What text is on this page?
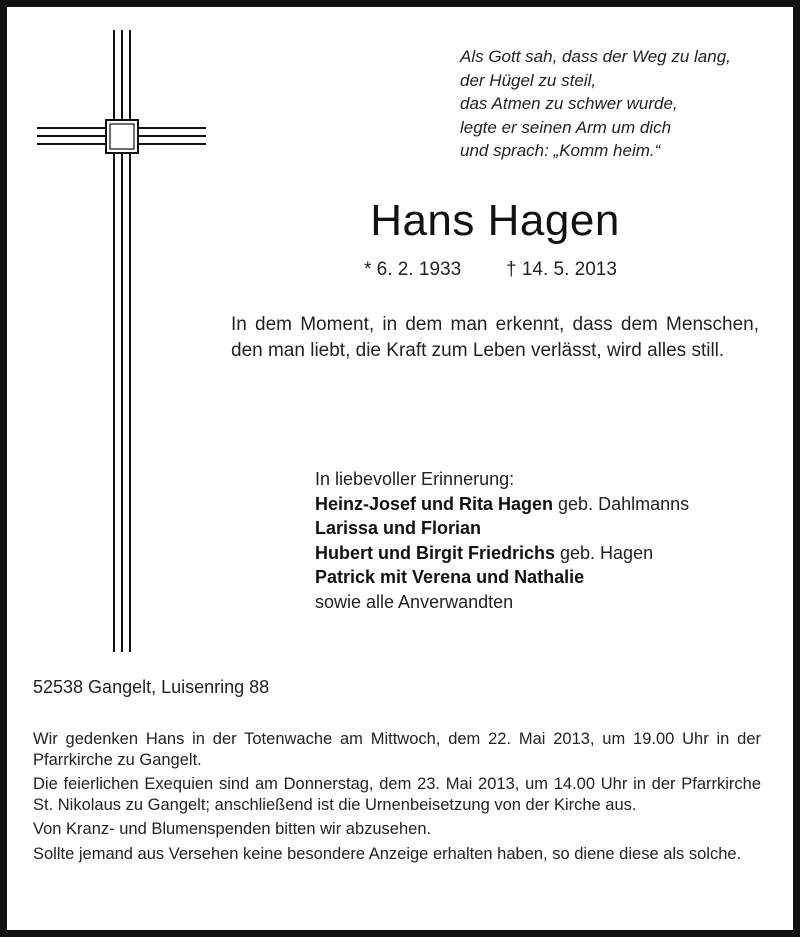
Als Gott sah, dass der Weg zu lang,
der Hügel zu steil,
das Atmen zu schwer wurde,
legte er seinen Arm um dich
und sprach: „Komm heim.“
Hans Hagen
* 6. 2. 1933 † 14. 5. 2013
In dem Moment, in dem man erkennt, dass dem Menschen, den man liebt, die Kraft zum Leben verlässt, wird alles still.
In liebevoller Erinnerung:
Heinz-Josef und Rita Hagen geb. Dahlmanns
Larissa und Florian
Hubert und Birgit Friedrichs geb. Hagen
Patrick mit Verena und Nathalie
sowie alle Anverwandten
52538 Gangelt, Luisenring 88

Wir gedenken Hans in der Totenwache am Mittwoch, dem 22. Mai 2013, um 19.00 Uhr in der Pfarrkirche zu Gangelt.

Die feierlichen Exequien sind am Donnerstag, dem 23. Mai 2013, um 14.00 Uhr in der Pfarrkirche St. Nikolaus zu Gangelt; anschließend ist die Urnenbeisetzung von der Kirche aus.

Von Kranz- und Blumenspenden bitten wir abzusehen.

Sollte jemand aus Versehen keine besondere Anzeige erhalten haben, so diene diese als solche.
